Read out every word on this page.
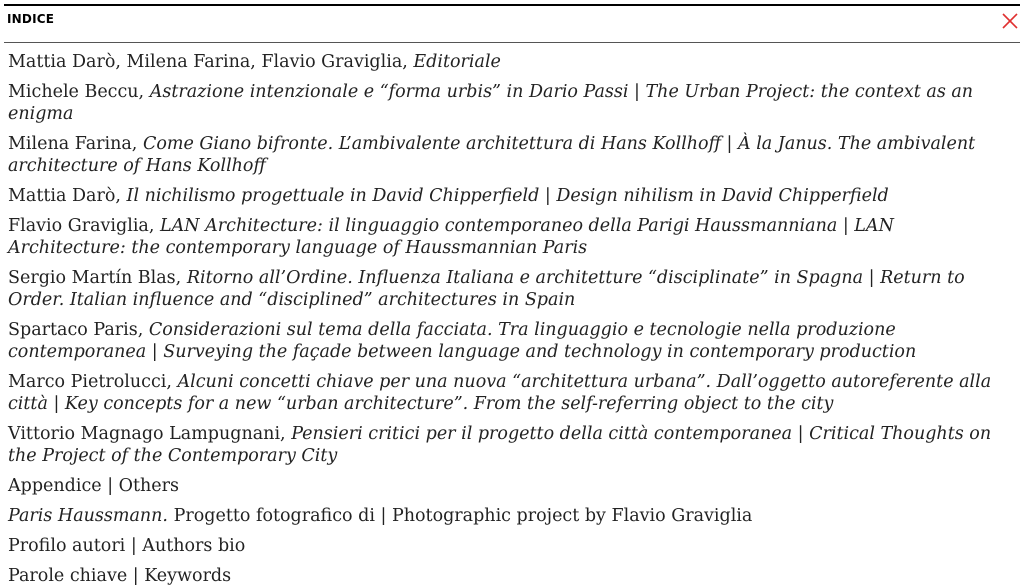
INDICE
Mattia Darò, Milena Farina, Flavio Graviglia, Editoriale
Michele Beccu, Astrazione intenzionale e “forma urbis” in Dario Passi | The Urban Project: the context as an enigma
Milena Farina, Come Giano bifronte. L’ambivalente architettura di Hans Kollhoff | À la Janus. The ambivalent architecture of Hans Kollhoff
Mattia Darò, Il nichilismo progettuale in David Chipperfield | Design nihilism in David Chipperfield
Flavio Graviglia, LAN Architecture: il linguaggio contemporaneo della Parigi Haussmanniana | LAN Architecture: the contemporary language of Haussmannian Paris
Sergio Martín Blas, Ritorno all’Ordine. Influenza Italiana e architetture “disciplinate” in Spagna | Return to Order. Italian influence and “disciplined” architectures in Spain
Spartaco Paris, Considerazioni sul tema della facciata. Tra linguaggio e tecnologie nella produzione contemporanea | Surveying the façade between language and technology in contemporary production
Marco Pietrolucci, Alcuni concetti chiave per una nuova “architettura urbana”. Dall’oggetto autoreferente alla città | Key concepts for a new “urban architecture”. From the self-referring object to the city
Vittorio Magnago Lampugnani, Pensieri critici per il progetto della città contemporanea | Critical Thoughts on the Project of the Contemporary City
Appendice | Others
Paris Haussmann. Progetto fotografico di | Photographic project by Flavio Graviglia
Profilo autori | Authors bio
Parole chiave | Keywords
